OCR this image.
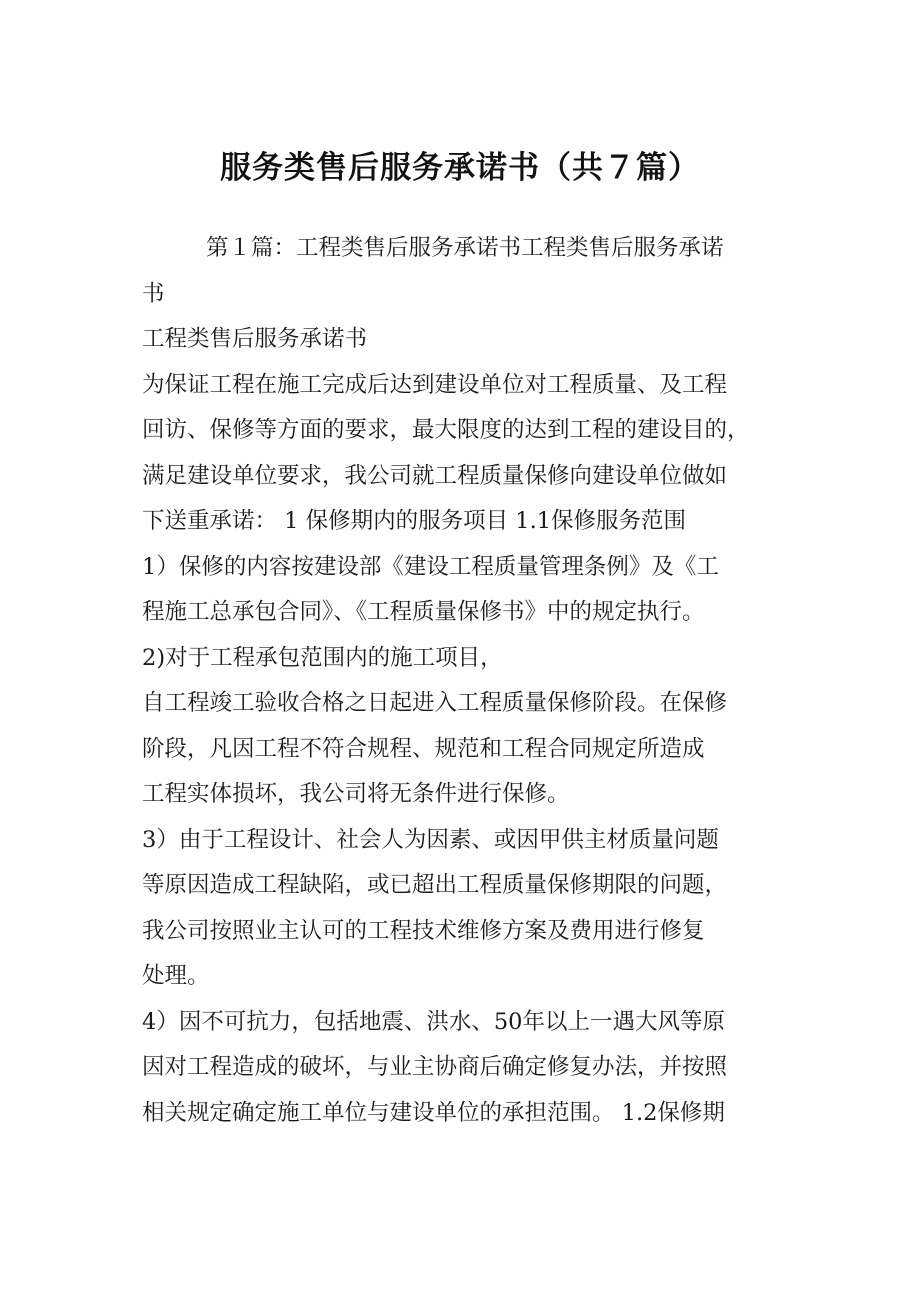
服务类售后服务承诺书（共７篇）
第１篇：工程类售后服务承诺书工程类售后服务承诺
书
工程类售后服务承诺书
为保证工程在施工完成后达到建设单位对工程质量、及工程
回访、保修等方面的要求，最大限度的达到工程的建设目的，
满足建设单位要求，我公司就工程质量保修向建设单位做如
下送重承诺： 1 保修期内的服务项目 1.1保修服务范围
1）保修的内容按建设部《建设工程质量管理条例》及《工
程施工总承包合同》、《工程质量保修书》中的规定执行。
2)对于工程承包范围内的施工项目，
自工程竣工验收合格之日起进入工程质量保修阶段。在保修
阶段，凡因工程不符合规程、规范和工程合同规定所造成
工程实体损坏，我公司将无条件进行保修。
3）由于工程设计、社会人为因素、或因甲供主材质量问题
等原因造成工程缺陷，或已超出工程质量保修期限的问题，
我公司按照业主认可的工程技术维修方案及费用进行修复
处理。
4）因不可抗力，包括地震、洪水、50年以上一遇大风等原
因对工程造成的破坏，与业主协商后确定修复办法，并按照
相关规定确定施工单位与建设单位的承担范围。 1.2保修期
